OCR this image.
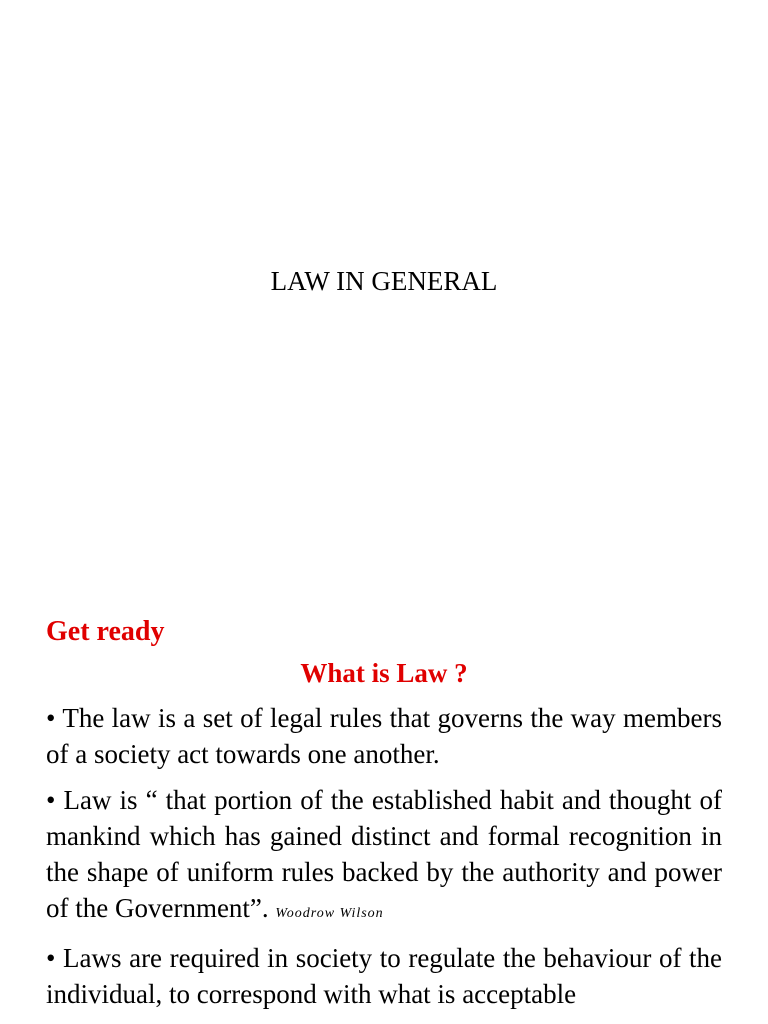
LAW IN GENERAL
Get ready
What is Law ?

• The law is a set of legal rules that governs the way members of a society act towards one another.

• Law is “ that portion of the established habit and thought of mankind which has gained distinct and formal recognition in the shape of uniform rules backed by the authority and power of the Government”. Woodrow Wilson

• Laws are required in society to regulate the behaviour of the individual, to correspond with what is acceptable
